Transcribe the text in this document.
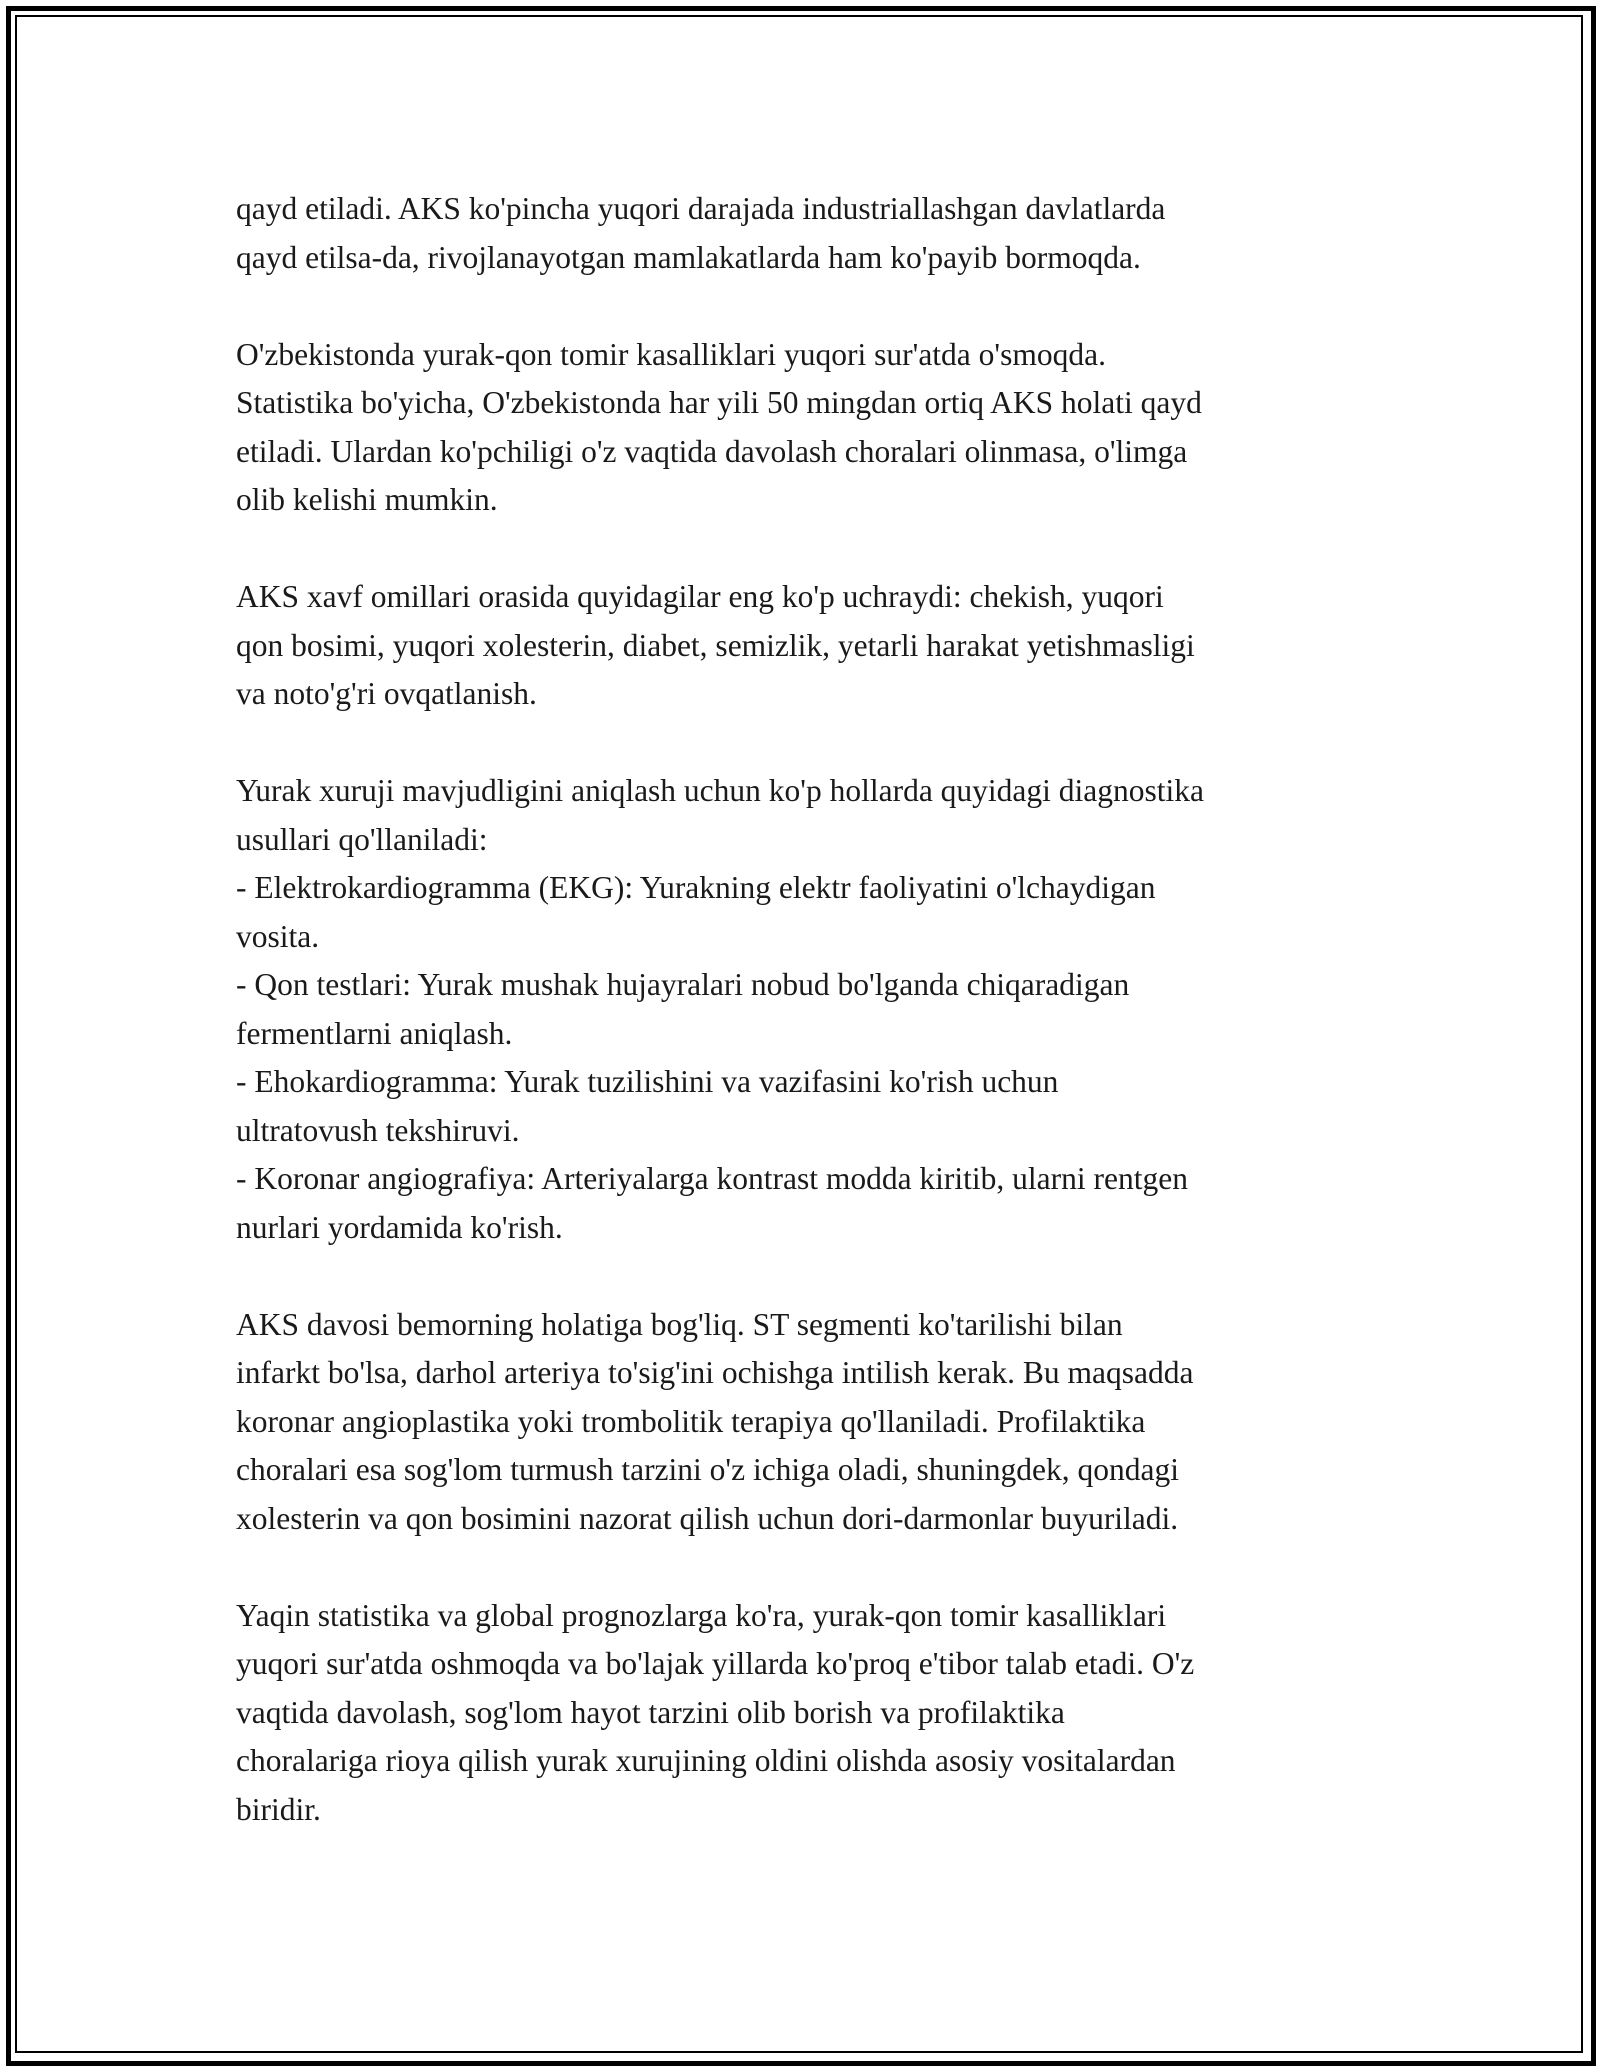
qayd etiladi. AKS ko'pincha yuqori darajada industriallashgan davlatlarda
qayd etilsa-da, rivojlanayotgan mamlakatlarda ham ko'payib bormoqda.

O'zbekistonda yurak-qon tomir kasalliklari yuqori sur'atda o'smoqda.
Statistika bo'yicha, O'zbekistonda har yili 50 mingdan ortiq AKS holati qayd
etiladi. Ulardan ko'pchiligi o'z vaqtida davolash choralari olinmasa, o'limga
olib kelishi mumkin.

AKS xavf omillari orasida quyidagilar eng ko'p uchraydi: chekish, yuqori
qon bosimi, yuqori xolesterin, diabet, semizlik, yetarli harakat yetishmasligi
va noto'g'ri ovqatlanish.

Yurak xuruji mavjudligini aniqlash uchun ko'p hollarda quyidagi diagnostika
usullari qo'llaniladi:
- Elektrokardiogramma (EKG): Yurakning elektr faoliyatini o'lchaydigan
vosita.
- Qon testlari: Yurak mushak hujayralari nobud bo'lganda chiqaradigan
fermentlarni aniqlash.
- Ehokardiogramma: Yurak tuzilishini va vazifasini ko'rish uchun
ultratovush tekshiruvi.
- Koronar angiografiya: Arteriyalarga kontrast modda kiritib, ularni rentgen
nurlari yordamida ko'rish.

AKS davosi bemorning holatiga bog'liq. ST segmenti ko'tarilishi bilan
infarkt bo'lsa, darhol arteriya to'sig'ini ochishga intilish kerak. Bu maqsadda
koronar angioplastika yoki trombolitik terapiya qo'llaniladi. Profilaktika
choralari esa sog'lom turmush tarzini o'z ichiga oladi, shuningdek, qondagi
xolesterin va qon bosimini nazorat qilish uchun dori-darmonlar buyuriladi.

Yaqin statistika va global prognozlarga ko'ra, yurak-qon tomir kasalliklari
yuqori sur'atda oshmoqda va bo'lajak yillarda ko'proq e'tibor talab etadi. O'z
vaqtida davolash, sog'lom hayot tarzini olib borish va profilaktika
choralariga rioya qilish yurak xurujining oldini olishda asosiy vositalardan
biridir.
